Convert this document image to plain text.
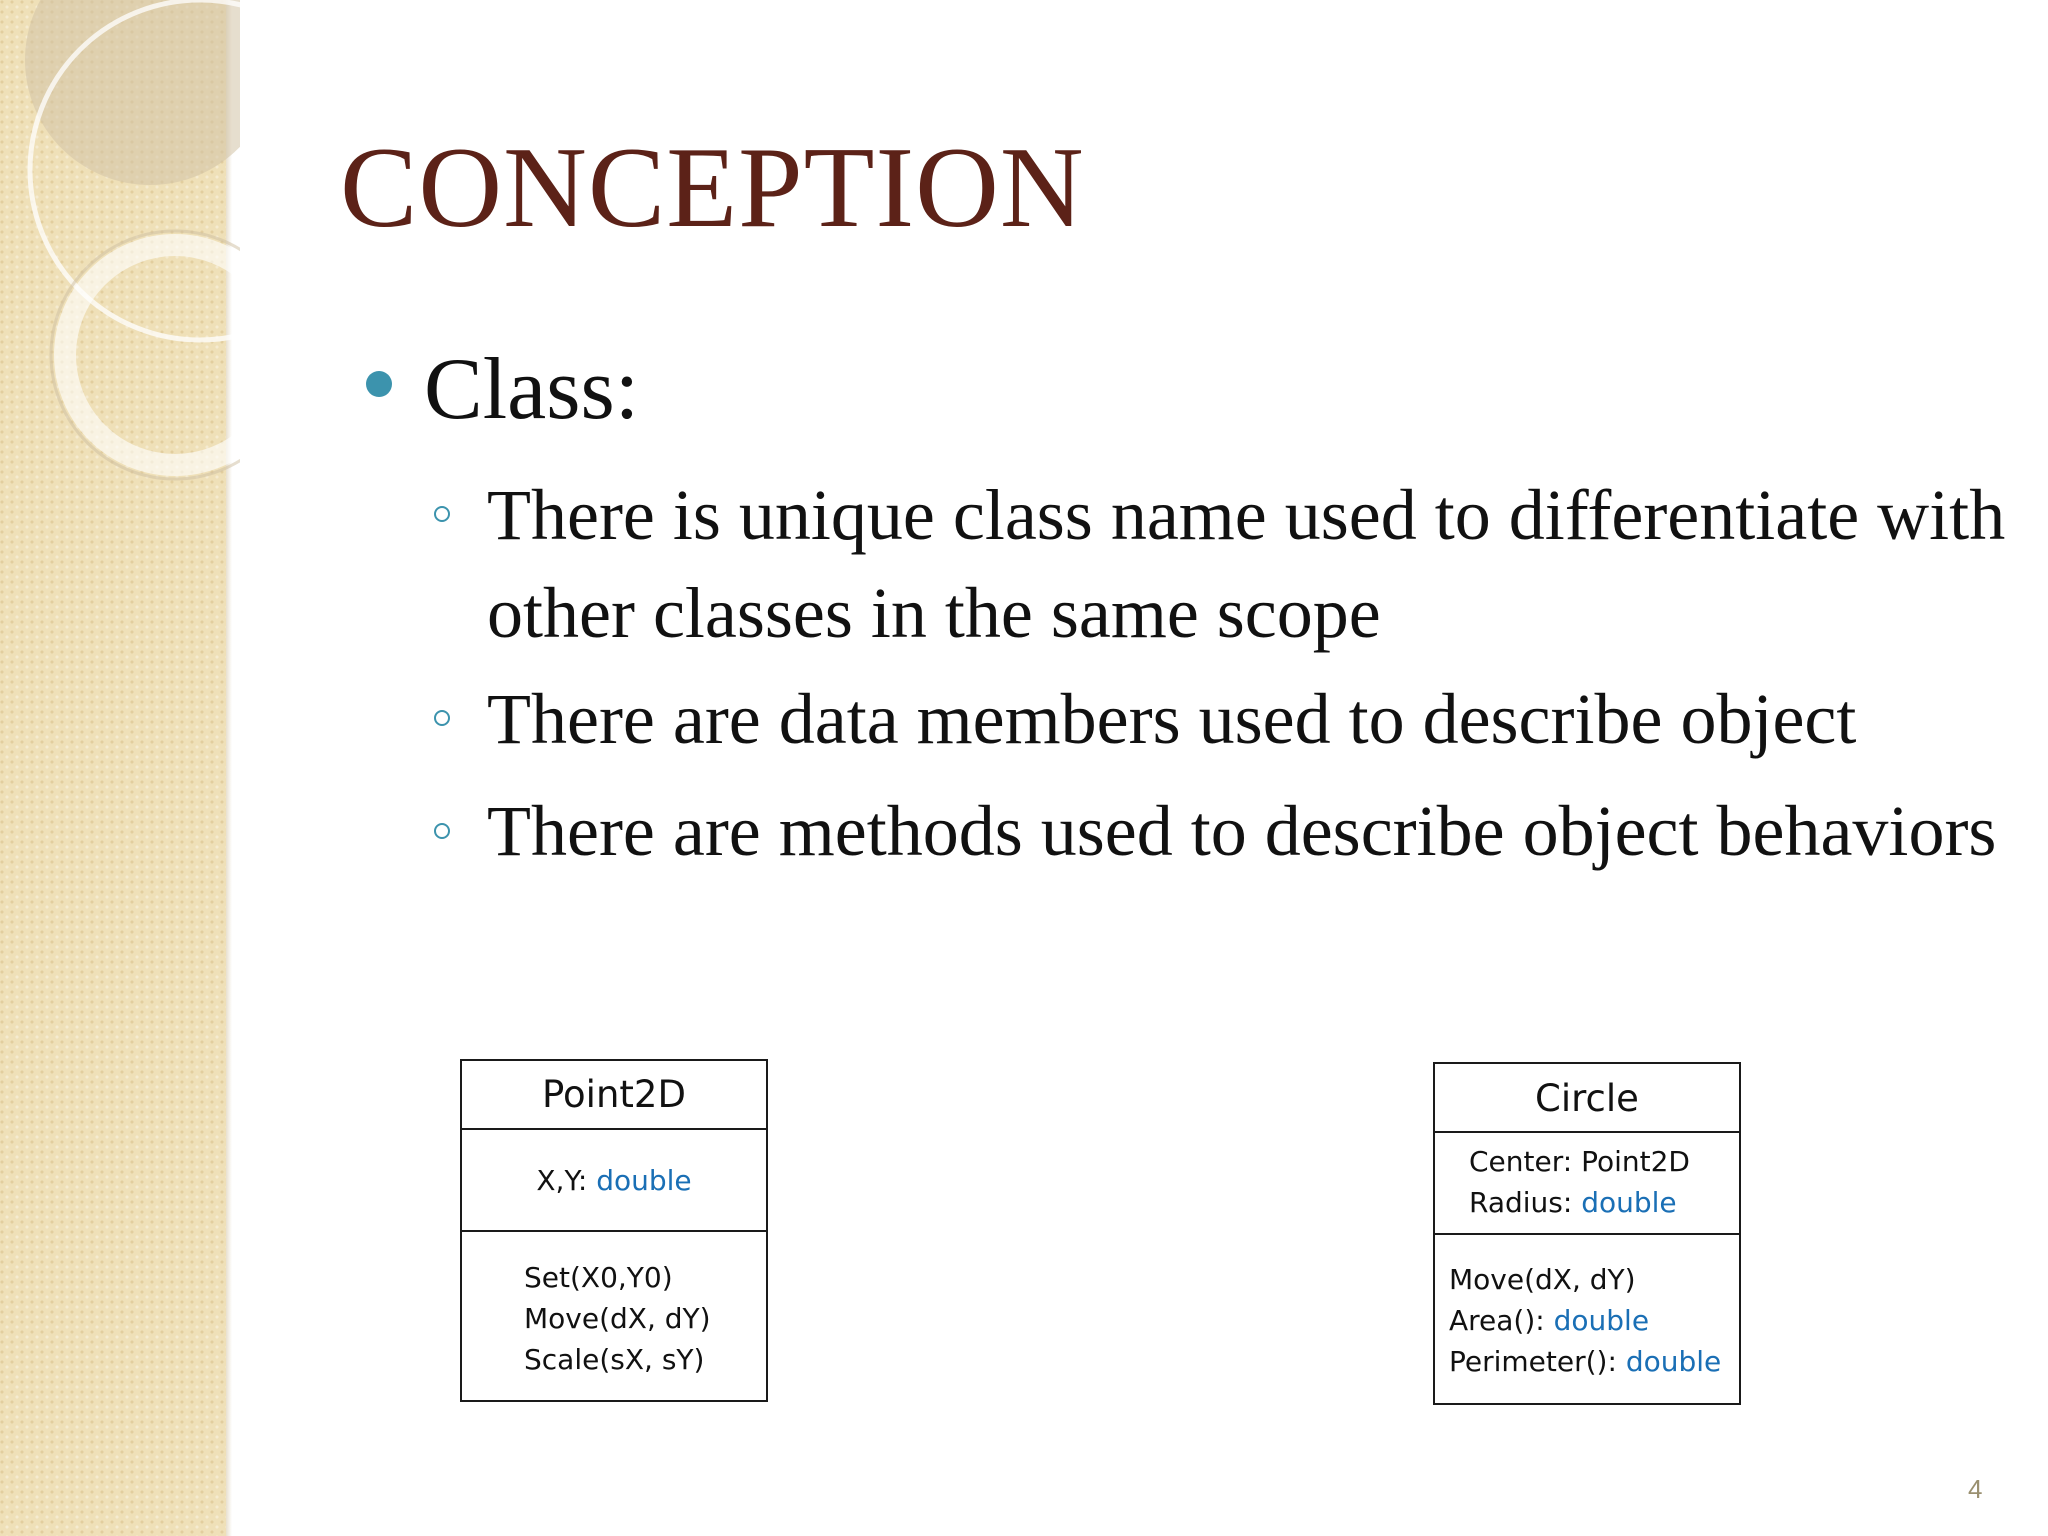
CONCEPTION
Class:
There is unique class name used to differentiate with other classes in the same scope
There are data members used to describe object
There are methods used to describe object behaviors
Point2D
X,Y: double
Set(X0,Y0)
Move(dX, dY)
Scale(sX, sY)
Circle
Center: Point2D
Radius: double
Move(dX, dY)
Area(): double
Perimeter(): double
4
